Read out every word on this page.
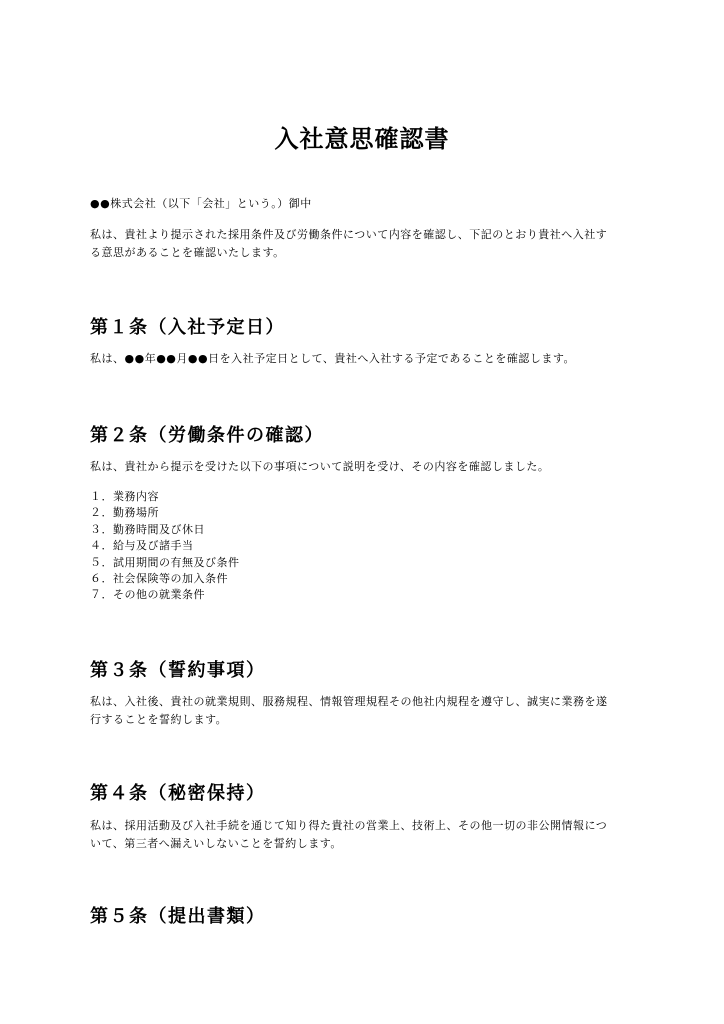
入社意思確認書
●●株式会社（以下「会社」という。）御中
私は、貴社より提示された採用条件及び労働条件について内容を確認し、下記のとおり貴社へ入社す
る意思があることを確認いたします。
第１条（入社予定日）
私は、●●年●●月●●日を入社予定日として、貴社へ入社する予定であることを確認します。
第２条（労働条件の確認）
私は、貴社から提示を受けた以下の事項について説明を受け、その内容を確認しました。
１．業務内容
２．勤務場所
３．勤務時間及び休日
４．給与及び諸手当
５．試用期間の有無及び条件
６．社会保険等の加入条件
７．その他の就業条件
第３条（誓約事項）
私は、入社後、貴社の就業規則、服務規程、情報管理規程その他社内規程を遵守し、誠実に業務を遂
行することを誓約します。
第４条（秘密保持）
私は、採用活動及び入社手続を通じて知り得た貴社の営業上、技術上、その他一切の非公開情報につ
いて、第三者へ漏えいしないことを誓約します。
第５条（提出書類）
